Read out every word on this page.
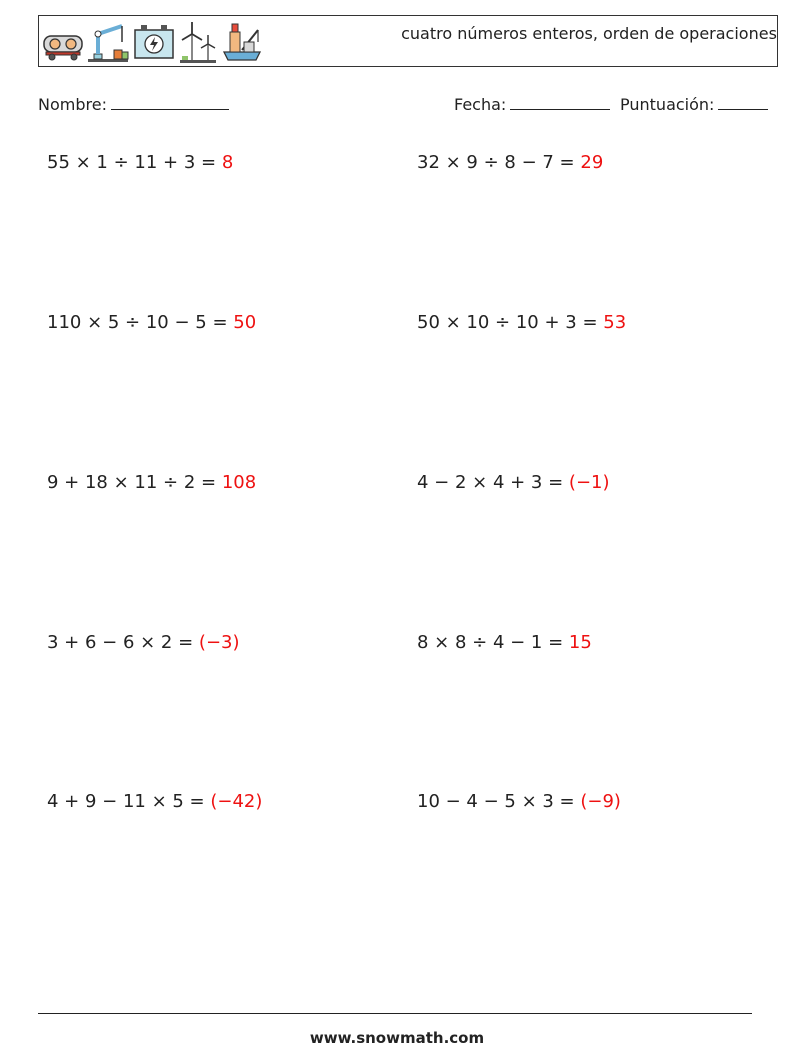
cuatro números enteros, orden de operaciones
Nombre:	Fecha:	Puntuación:
55 × 1 ÷ 11 + 3 = 8	32 × 9 ÷ 8 − 7 = 29
110 × 5 ÷ 10 − 5 = 50	50 × 10 ÷ 10 + 3 = 53
9 + 18 × 11 ÷ 2 = 108	4 − 2 × 4 + 3 = (−1)
3 + 6 − 6 × 2 = (−3)	8 × 8 ÷ 4 − 1 = 15
4 + 9 − 11 × 5 = (−42)	10 − 4 − 5 × 3 = (−9)
www.snowmath.com
